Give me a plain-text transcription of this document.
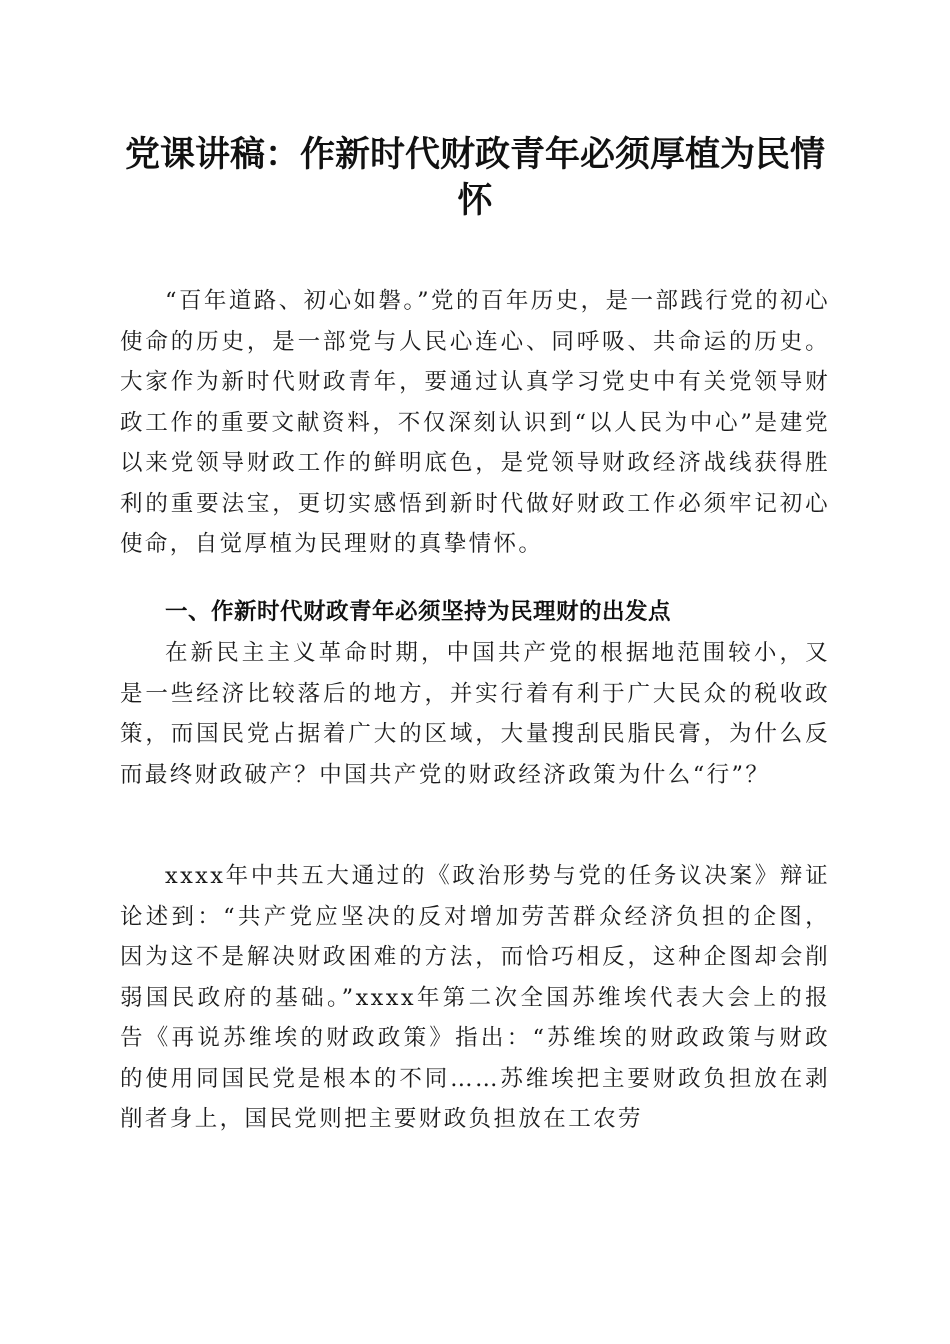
党课讲稿：作新时代财政青年必须厚植为民情怀

“百年道路、初心如磐。”党的百年历史，是一部践行党的初心使命的历史，是一部党与人民心连心、同呼吸、共命运的历史。大家作为新时代财政青年，要通过认真学习党史中有关党领导财政工作的重要文献资料，不仅深刻认识到“以人民为中心”是建党以来党领导财政工作的鲜明底色，是党领导财政经济战线获得胜利的重要法宝，更切实感悟到新时代做好财政工作必须牢记初心使命，自觉厚植为民理财的真挚情怀。

一、作新时代财政青年必须坚持为民理财的出发点

在新民主主义革命时期，中国共产党的根据地范围较小，又是一些经济比较落后的地方，并实行着有利于广大民众的税收政策，而国民党占据着广大的区域，大量搜刮民脂民膏，为什么反而最终财政破产？中国共产党的财政经济政策为什么“行”？

xxxx年中共五大通过的《政治形势与党的任务议决案》辩证论述到：“共产党应坚决的反对增加劳苦群众经济负担的企图，因为这不是解决财政困难的方法，而恰巧相反，这种企图却会削弱国民政府的基础。”xxxx年第二次全国苏维埃代表大会上的报告《再说苏维埃的财政政策》指出：“苏维埃的财政政策与财政的使用同国民党是根本的不同……苏维埃把主要财政负担放在剥削者身上，国民党则把主要财政负担放在工农劳
